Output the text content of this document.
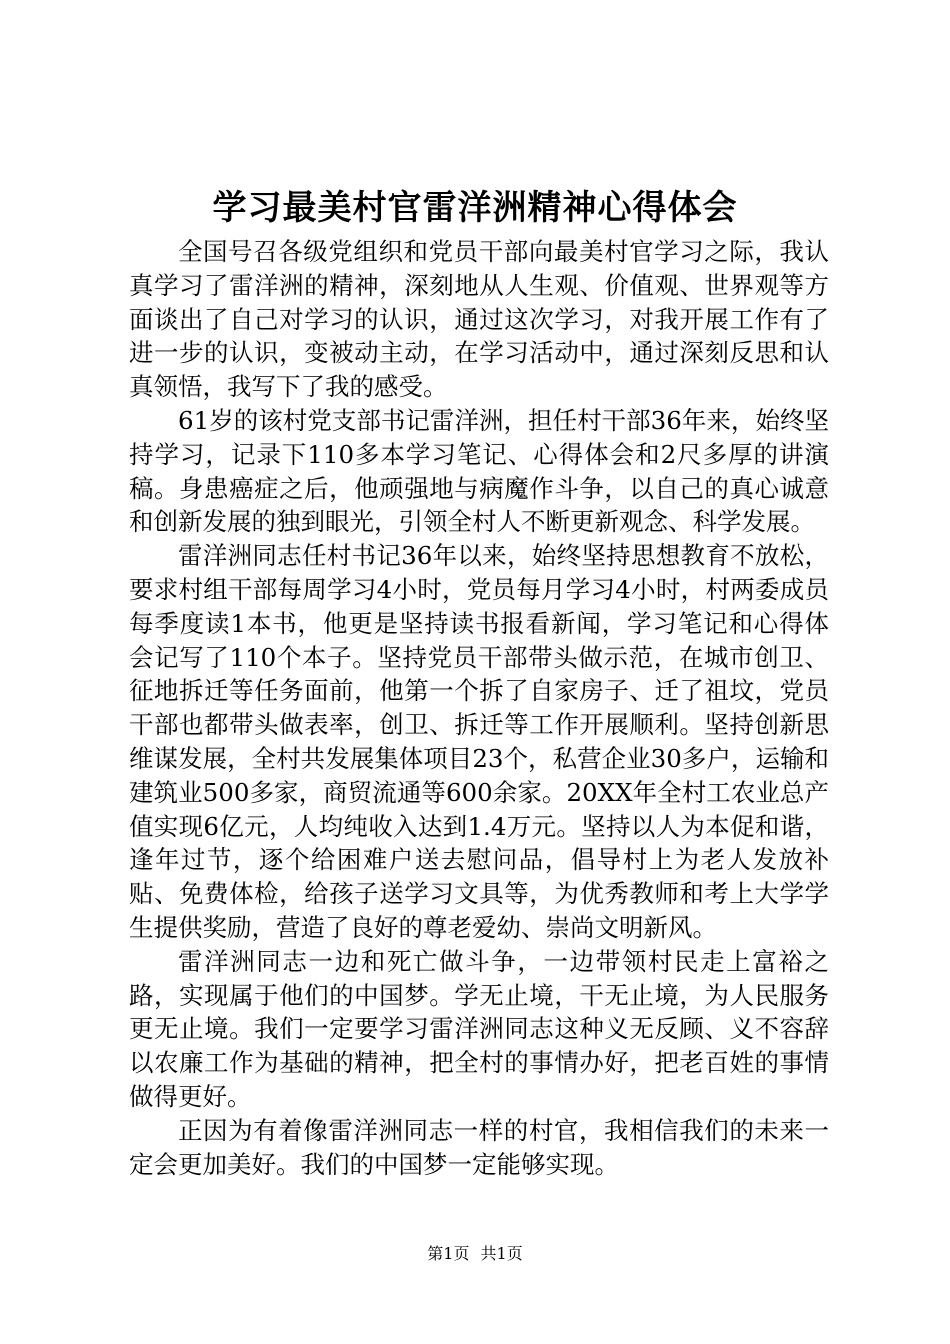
学习最美村官雷洋洲精神心得体会

全国号召各级党组织和党员干部向最美村官学习之际，我认真学习了雷洋洲的精神，深刻地从人生观、价值观、世界观等方面谈出了自己对学习的认识，通过这次学习，对我开展工作有了进一步的认识，变被动主动，在学习活动中，通过深刻反思和认真领悟，我写下了我的感受。

61岁的该村党支部书记雷洋洲，担任村干部36年来，始终坚持学习，记录下110多本学习笔记、心得体会和2尺多厚的讲演稿。身患癌症之后，他顽强地与病魔作斗争，以自己的真心诚意和创新发展的独到眼光，引领全村人不断更新观念、科学发展。

雷洋洲同志任村书记36年以来，始终坚持思想教育不放松，要求村组干部每周学习4小时，党员每月学习4小时，村两委成员每季度读1本书，他更是坚持读书报看新闻，学习笔记和心得体会记写了110个本子。坚持党员干部带头做示范，在城市创卫、征地拆迁等任务面前，他第一个拆了自家房子、迁了祖坟，党员干部也都带头做表率，创卫、拆迁等工作开展顺利。坚持创新思维谋发展，全村共发展集体项目23个，私营企业30多户，运输和建筑业500多家，商贸流通等600余家。20XX年全村工农业总产值实现6亿元，人均纯收入达到1.4万元。坚持以人为本促和谐，逢年过节，逐个给困难户送去慰问品，倡导村上为老人发放补贴、免费体检，给孩子送学习文具等，为优秀教师和考上大学学生提供奖励，营造了良好的尊老爱幼、崇尚文明新风。

雷洋洲同志一边和死亡做斗争，一边带领村民走上富裕之路，实现属于他们的中国梦。学无止境，干无止境，为人民服务更无止境。我们一定要学习雷洋洲同志这种义无反顾、义不容辞以农廉工作为基础的精神，把全村的事情办好，把老百姓的事情做得更好。

正因为有着像雷洋洲同志一样的村官，我相信我们的未来一定会更加美好。我们的中国梦一定能够实现。

第1页 共1页
